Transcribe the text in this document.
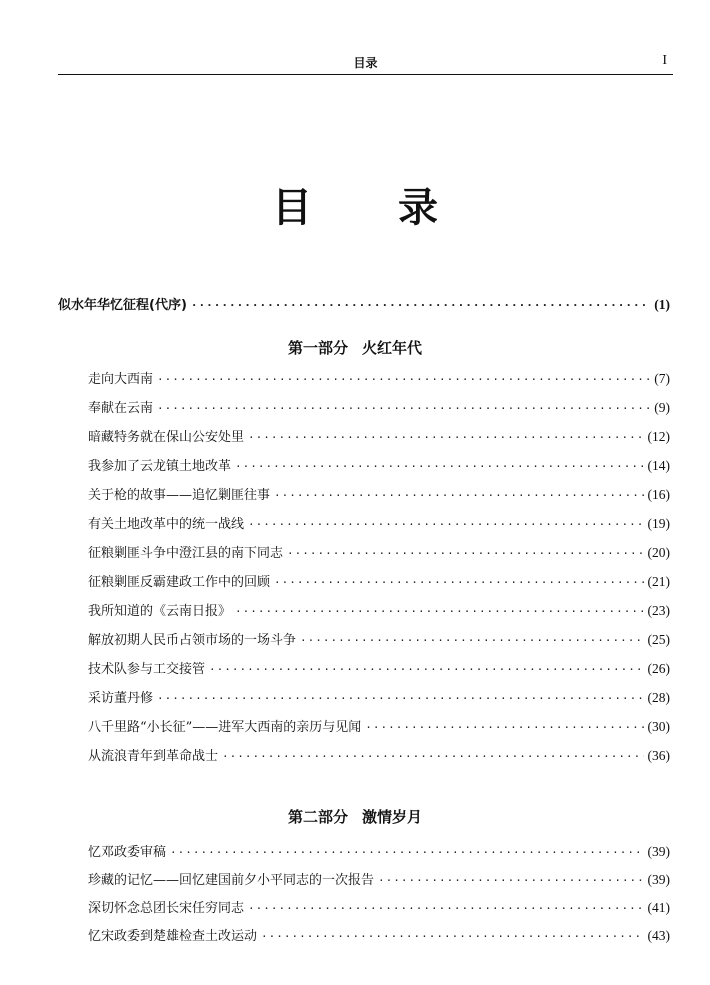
目录	I
目 录
似水年华忆征程(代序) ·····	(1)
第一部分 火红年代
走向大西南 ·····	(7)
奉献在云南 ·····	(9)
暗藏特务就在保山公安处里 ·····	(12)
我参加了云龙镇土地改革 ·····	(14)
关于枪的故事——追忆剿匪往事 ·····	(16)
有关土地改革中的统一战线 ·····	(19)
征粮剿匪斗争中澄江县的南下同志 ·····	(20)
征粮剿匪反霸建政工作中的回顾 ·····	(21)
我所知道的《云南日报》 ·····	(23)
解放初期人民币占领市场的一场斗争 ·····	(25)
技术队参与工交接管 ·····	(26)
采访董丹修 ·····	(28)
八千里路“小长征”——进军大西南的亲历与见闻 ·····	(30)
从流浪青年到革命战士 ·····	(36)
第二部分 激情岁月
忆邓政委审稿 ·····	(39)
珍藏的记忆——回忆建国前夕小平同志的一次报告 ·····	(39)
深切怀念总团长宋任穷同志 ·····	(41)
忆宋政委到楚雄检查土改运动 ·····	(43)
